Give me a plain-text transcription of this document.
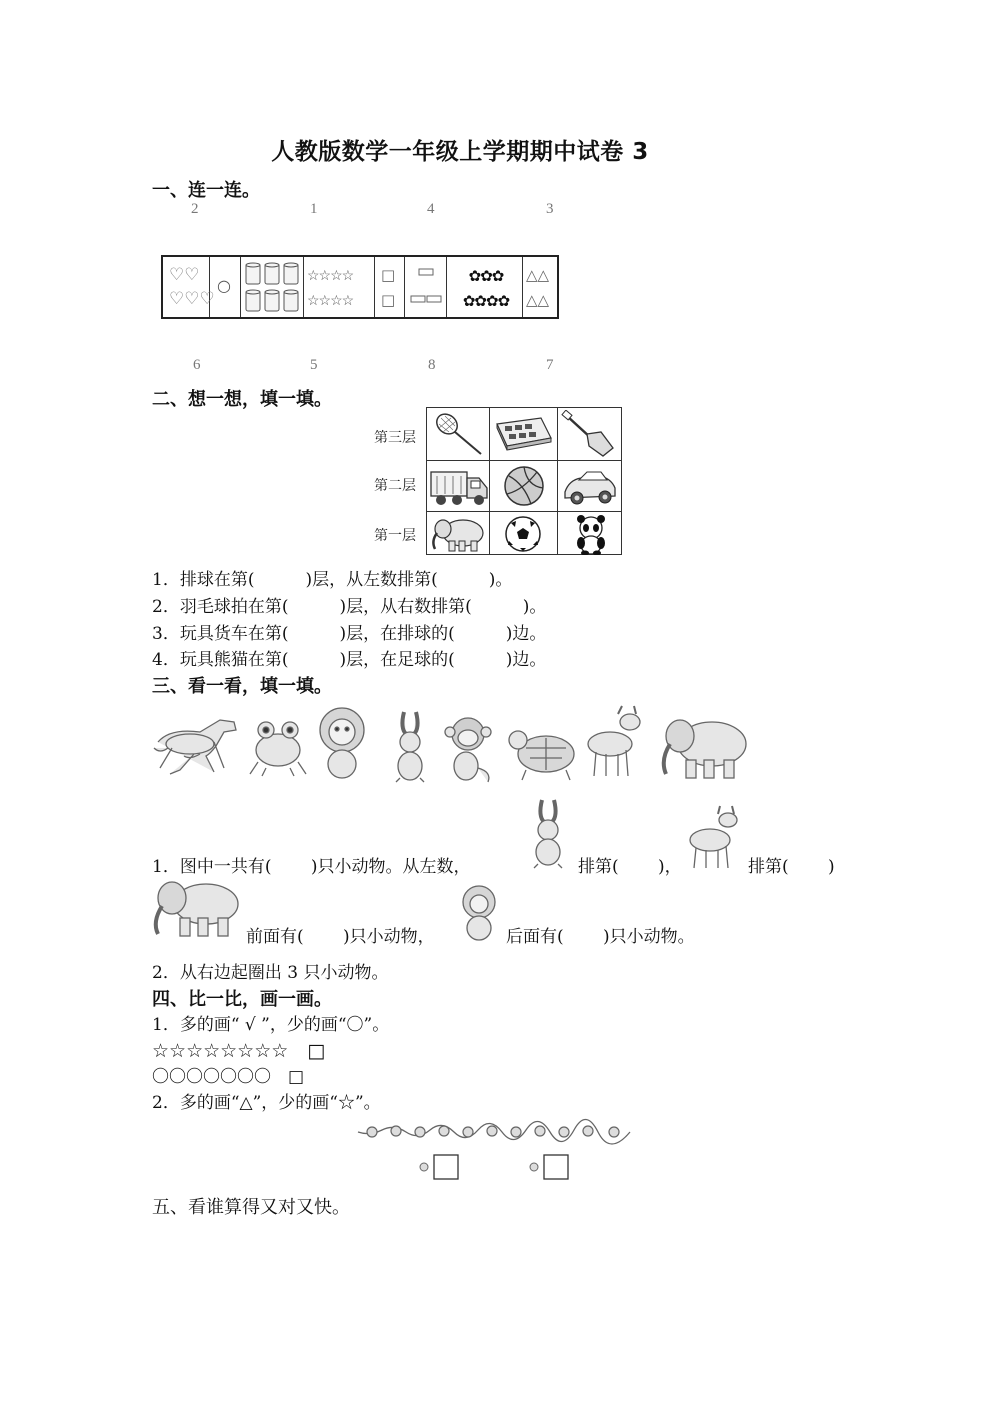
人教版数学一年级上学期期中试卷 3
一、连一连。
2	1	4	3
♡♡
♡♡♡
○	☆☆☆☆
☆☆☆☆
□
□
✿✿✿
✿✿✿✿
△△
△△
6	5	8	7
二、想一想，填一填。
第三层
第二层
第一层
1．排球在第(　　　)层，从左数排第(　　　)。
2．羽毛球拍在第(　　　)层，从右数排第(　　　)。
3．玩具货车在第(　　　)层，在排球的(　　　)边。
4．玩具熊猫在第(　　　)层，在足球的(　　　)边。
三、看一看，填一填。
1．图中一共有(　 　)只小动物。从左数，	排第(　 　)，	排第(　 　)
前面有(　 　)只小动物，	后面有(　 　)只小动物。
2．从右边起圈出 3 只小动物。
四、比一比，画一画。
1．多的画“ √ ”，少的画“〇”。
☆☆☆☆☆☆☆☆　□
〇〇〇〇〇〇〇　□
2．多的画“△”，少的画“☆”。
五、看谁算得又对又快。
